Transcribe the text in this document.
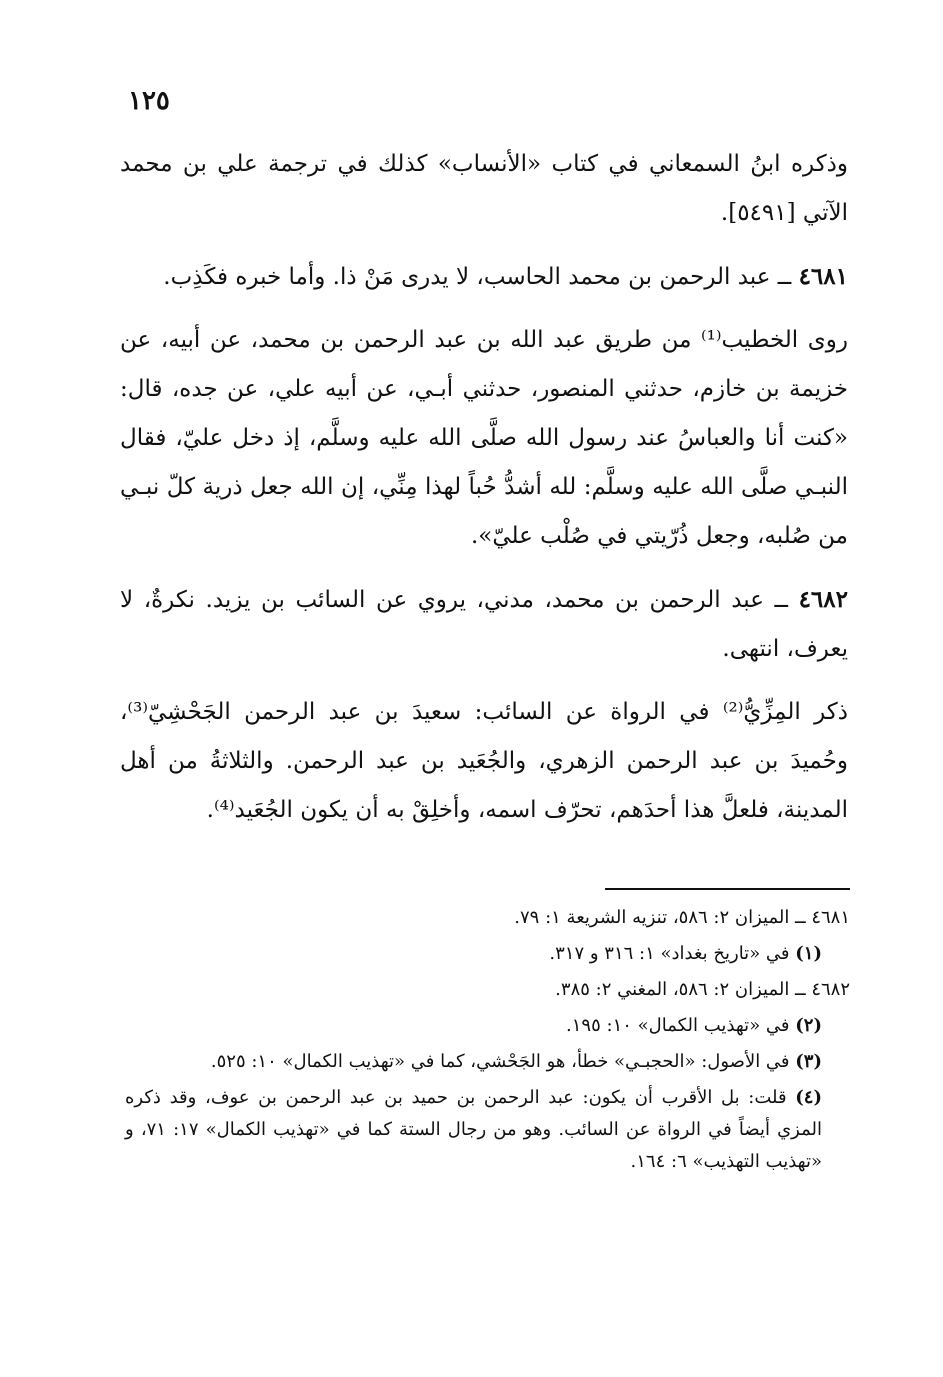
١٢٥

وذكره ابنُ السمعاني في كتاب «الأنساب» كذلك في ترجمة علي بن محمد الآتي [٥٤٩١].

٤٦٨١ ــ عبد الرحمن بن محمد الحاسب، لا يدرى مَنْ ذا. وأما خبره فكَذِب.

روى الخطيب⁽¹⁾ من طريق عبد الله بن عبد الرحمن بن محمد، عن أبيه، عن خزيمة بن خازم، حدثني المنصور، حدثني أبـي، عن أبيه علي، عن جده، قال: «كنت أنا والعباسُ عند رسول الله صلَّى الله عليه وسلَّم، إذ دخل عليّ، فقال النبـي صلَّى الله عليه وسلَّم: لله أشدُّ حُباً لهذا مِنِّي، إن الله جعل ذرية كلّ نبـي من صُلبه، وجعل ذُرّيتي في صُلْب عليّ».

٤٦٨٢ ــ عبد الرحمن بن محمد، مدني، يروي عن السائب بن يزيد. نكرةٌ، لا يعرف، انتهى.

ذكر المِزِّيُّ⁽²⁾ في الرواة عن السائب: سعيدَ بن عبد الرحمن الجَحْشِيّ⁽³⁾، وحُميدَ بن عبد الرحمن الزهري، والجُعَيد بن عبد الرحمن. والثلاثةُ من أهل المدينة، فلعلَّ هذا أحدَهم، تحرّف اسمه، وأخلِقْ به أن يكون الجُعَيد⁽⁴⁾.

٤٦٨١ ــ الميزان ٢: ٥٨٦، تنزيه الشريعة ١: ٧٩.

(١) في «تاريخ بغداد» ١: ٣١٦ و ٣١٧.

٤٦٨٢ ــ الميزان ٢: ٥٨٦، المغني ٢: ٣٨٥.

(٢) في «تهذيب الكمال» ١٠: ١٩٥.

(٣) في الأصول: «الحجبـي» خطأ، هو الجَحْشي، كما في «تهذيب الكمال» ١٠: ٥٢٥.

(٤) قلت: بل الأقرب أن يكون: عبد الرحمن بن حميد بن عبد الرحمن بن عوف، وقد ذكره المزي أيضاً في الرواة عن السائب. وهو من رجال الستة كما في «تهذيب الكمال» ١٧: ٧١، و «تهذيب التهذيب» ٦: ١٦٤.
